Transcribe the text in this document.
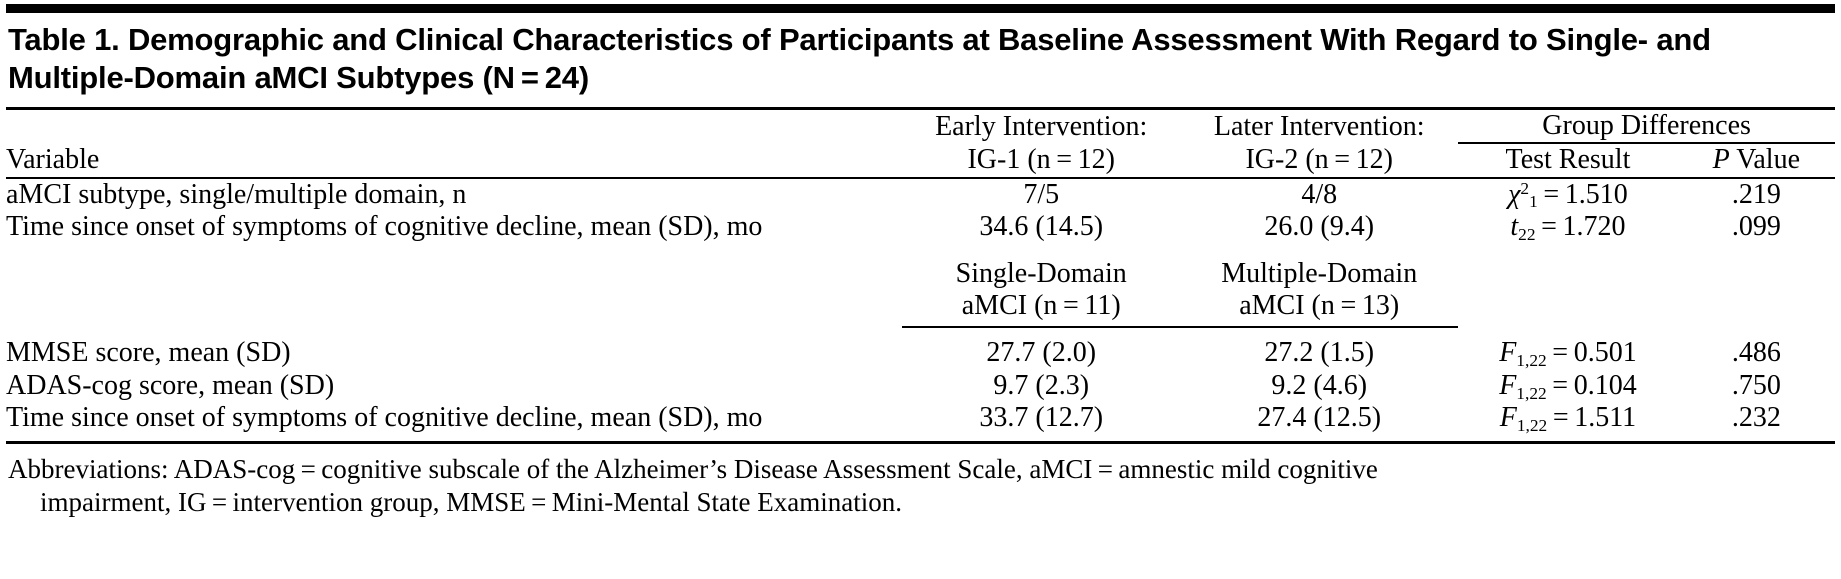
Table 1. Demographic and Clinical Characteristics of Participants at Baseline Assessment With Regard to Single- and Multiple-Domain aMCI Subtypes (N = 24)
	Early Intervention:	Later Intervention:	Group Differences	
Variable	IG-1 (n = 12)	IG-2 (n = 12)	Test Result	P Value

aMCI subtype, single/multiple domain, n	7/5	4/8	$\chi^2_1 = 1.510$	.219
Time since onset of symptoms of cognitive decline, mean (SD), mo	34.6 (14.5)	26.0 (9.4)	$t_{22} = 1.720$	.099

	Single-Domain	Multiple-Domain		
	aMCI (n = 11)	aMCI (n = 13)		
MMSE score, mean (SD)	27.7 (2.0)	27.2 (1.5)	$F_{1,22} = 0.501$	.486
ADAS-cog score, mean (SD)	9.7 (2.3)	9.2 (4.6)	$F_{1,22} = 0.104$	.750
Time since onset of symptoms of cognitive decline, mean (SD), mo	33.7 (12.7)	27.4 (12.5)	$F_{1,22} = 1.511$	.232
Abbreviations: ADAS-cog = cognitive subscale of the Alzheimer’s Disease Assessment Scale, aMCI = amnestic mild cognitive
impairment, IG = intervention group, MMSE = Mini-Mental State Examination.
